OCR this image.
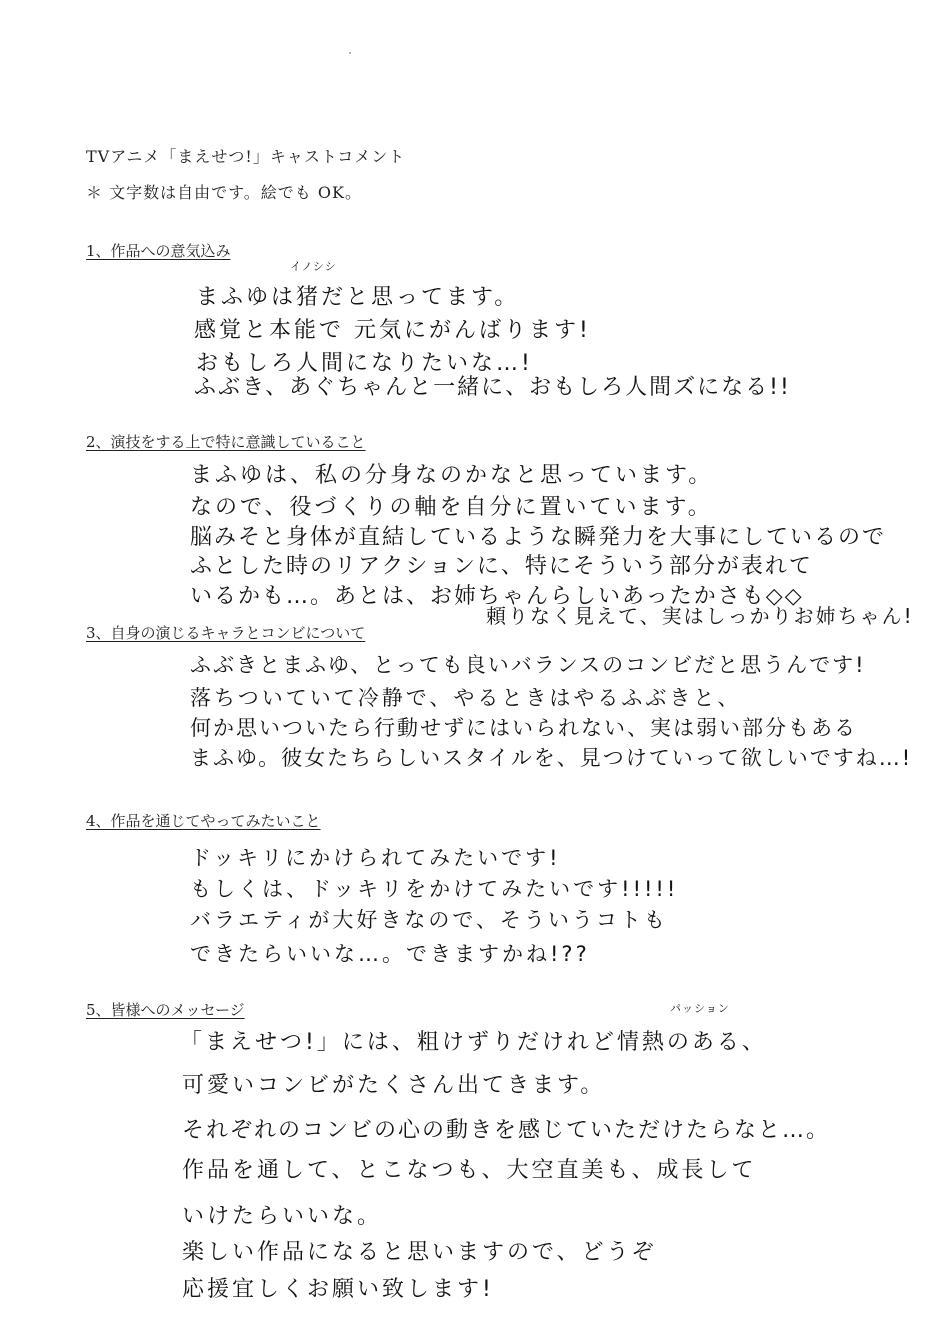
TVアニメ「まえせつ!」キャストコメント
＊ 文字数は自由です。絵でも OK。
1、作品への意気込み
イノシシ
まふゆは猪だと思ってます。
感覚と本能で 元気にがんばります!
おもしろ人間になりたいな…!
ふぶき、あぐちゃんと一緒に、おもしろ人間ズになる!!
2、演技をする上で特に意識していること
まふゆは、私の分身なのかなと思っています。
なので、役づくりの軸を自分に置いています。
脳みそと身体が直結しているような瞬発力を大事にしているので
ふとした時のリアクションに、特にそういう部分が表れて
いるかも…。あとは、お姉ちゃんらしいあったかさも◇◇
3、自身の演じるキャラとコンビについて
頼りなく見えて、実はしっかりお姉ちゃん!
ふぶきとまふゆ、とっても良いバランスのコンビだと思うんです!
落ちついていて冷静で、やるときはやるふぶきと、
何か思いついたら行動せずにはいられない、実は弱い部分もある
まふゆ。彼女たちらしいスタイルを、見つけていって欲しいですね…!
4、作品を通じてやってみたいこと
ドッキリにかけられてみたいです!
もしくは、ドッキリをかけてみたいです!!!!!
バラエティが大好きなので、そういうコトも
できたらいいな…。できますかね!??
5、皆様へのメッセージ	パッション
「まえせつ!」には、粗けずりだけれど情熱のある、
可愛いコンビがたくさん出てきます。
それぞれのコンビの心の動きを感じていただけたらなと…。
作品を通して、とこなつも、大空直美も、成長して
いけたらいいな。
楽しい作品になると思いますので、どうぞ
応援宜しくお願い致します!
